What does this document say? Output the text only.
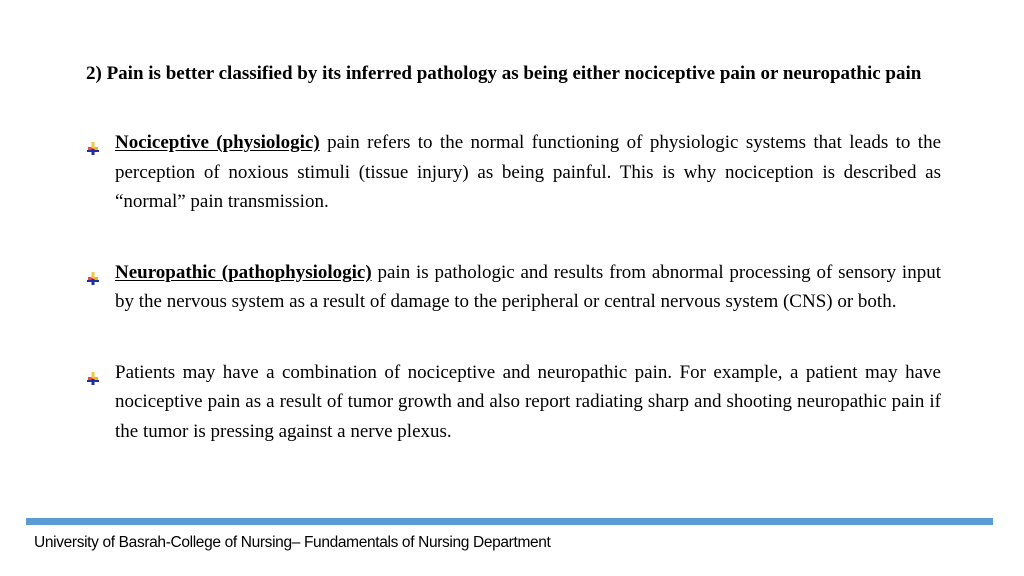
2) Pain is better classified by its inferred pathology as being either nociceptive pain or neuropathic pain

Nociceptive (physiologic) pain refers to the normal functioning of physiologic systems that leads to the perception of noxious stimuli (tissue injury) as being painful. This is why nociception is described as “normal” pain transmission.
Neuropathic (pathophysiologic) pain is pathologic and results from abnormal processing of sensory input by the nervous system as a result of damage to the peripheral or central nervous system (CNS) or both.
Patients may have a combination of nociceptive and neuropathic pain. For example, a patient may have nociceptive pain as a result of tumor growth and also report radiating sharp and shooting neuropathic pain if the tumor is pressing against a nerve plexus.
University of Basrah-College of Nursing– Fundamentals of Nursing Department
